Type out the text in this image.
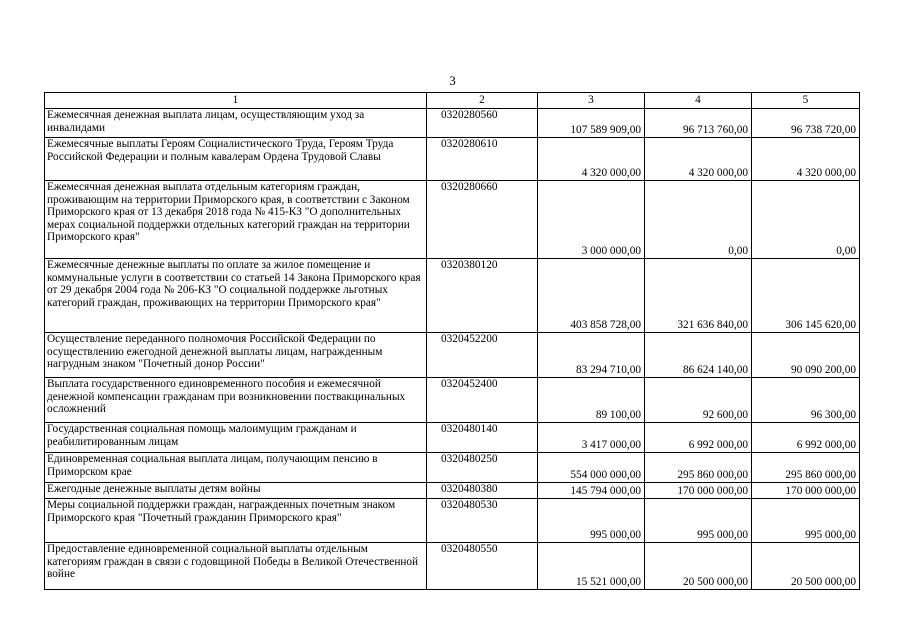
3
1	2	3	4	5
Ежемесячная денежная выплата лицам, осуществляющим уход за инвалидами	0320280560	107 589 909,00	96 713 760,00	96 738 720,00
Ежемесячные выплаты Героям Социалистического Труда, Героям Труда Российской Федерации и полным кавалерам Ордена Трудовой Славы	0320280610	4 320 000,00	4 320 000,00	4 320 000,00
Ежемесячная денежная выплата отдельным категориям граждан, проживающим на территории Приморского края, в соответствии с Законом Приморского края от 13 декабря 2018 года № 415-КЗ "О дополнительных мерах социальной поддержки отдельных категорий граждан на территории Приморского края"	0320280660	3 000 000,00	0,00	0,00
Ежемесячные денежные выплаты по оплате за жилое помещение и коммунальные услуги в соответствии со статьей 14 Закона Приморского края от 29 декабря 2004 года № 206-КЗ "О социальной поддержке льготных категорий граждан, проживающих на территории Приморского края"	0320380120	403 858 728,00	321 636 840,00	306 145 620,00
Осуществление переданного полномочия Российской Федерации по осуществлению ежегодной денежной выплаты лицам, награжденным нагрудным знаком "Почетный донор России"	0320452200	83 294 710,00	86 624 140,00	90 090 200,00
Выплата государственного единовременного пособия и ежемесячной денежной компенсации гражданам при возникновении поствакцинальных осложнений	0320452400	89 100,00	92 600,00	96 300,00
Государственная социальная помощь малоимущим гражданам и реабилитированным лицам	0320480140	3 417 000,00	6 992 000,00	6 992 000,00
Единовременная социальная выплата лицам, получающим пенсию в Приморском крае	0320480250	554 000 000,00	295 860 000,00	295 860 000,00
Ежегодные денежные выплаты детям войны	0320480380	145 794 000,00	170 000 000,00	170 000 000,00
Меры социальной поддержки граждан, награжденных почетным знаком Приморского края "Почетный гражданин Приморского края"	0320480530	995 000,00	995 000,00	995 000,00
Предоставление единовременной социальной выплаты отдельным категориям граждан в связи с годовщиной Победы в Великой Отечественной войне	0320480550	15 521 000,00	20 500 000,00	20 500 000,00
